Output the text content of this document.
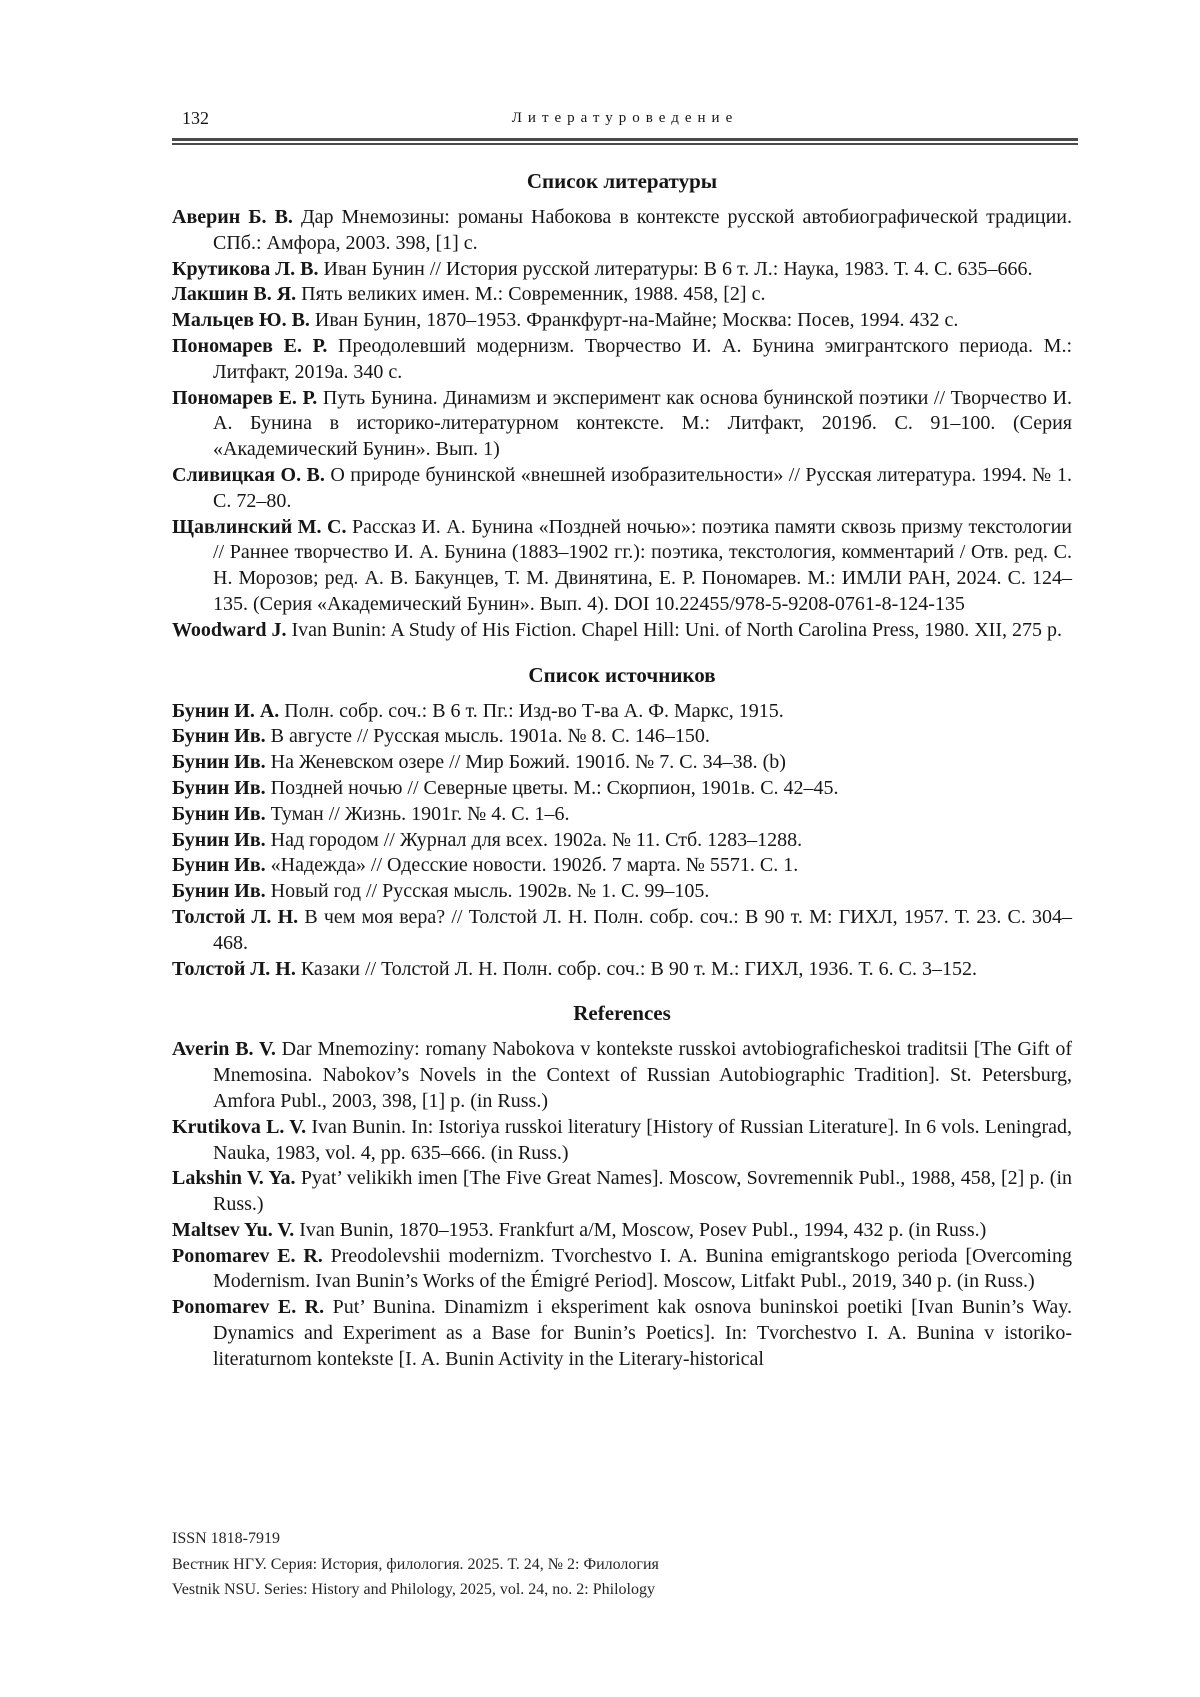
132	Литературоведение
Список литературы

Аверин Б. В. Дар Мнемозины: романы Набокова в контексте русской автобиографической традиции. СПб.: Амфора, 2003. 398, [1] с.

Крутикова Л. В. Иван Бунин // История русской литературы: В 6 т. Л.: Наука, 1983. Т. 4. С. 635–666.

Лакшин В. Я. Пять великих имен. М.: Современник, 1988. 458, [2] с.

Мальцев Ю. В. Иван Бунин, 1870–1953. Франкфурт-на-Майне; Москва: Посев, 1994. 432 с.

Пономарев Е. Р. Преодолевший модернизм. Творчество И. А. Бунина эмигрантского периода. М.: Литфакт, 2019а. 340 с.

Пономарев Е. Р. Путь Бунина. Динамизм и эксперимент как основа бунинской поэтики // Творчество И. А. Бунина в историко-литературном контексте. М.: Литфакт, 2019б. С. 91–100. (Серия «Академический Бунин». Вып. 1)

Сливицкая О. В. О природе бунинской «внешней изобразительности» // Русская литература. 1994. № 1. С. 72–80.

Щавлинский М. С. Рассказ И. А. Бунина «Поздней ночью»: поэтика памяти сквозь призму текстологии // Раннее творчество И. А. Бунина (1883–1902 гг.): поэтика, текстология, комментарий / Отв. ред. С. Н. Морозов; ред. А. В. Бакунцев, Т. М. Двинятина, Е. Р. Пономарев. М.: ИМЛИ РАН, 2024. С. 124–135. (Серия «Академический Бунин». Вып. 4). DOI 10.22455/978-5-9208-0761-8-124-135

Woodward J. Ivan Bunin: A Study of His Fiction. Chapel Hill: Uni. of North Carolina Press, 1980. XII, 275 p.

Список источников

Бунин И. А. Полн. собр. соч.: В 6 т. Пг.: Изд-во Т-ва А. Ф. Маркс, 1915.

Бунин Ив. В августе // Русская мысль. 1901а. № 8. С. 146–150.

Бунин Ив. На Женевском озере // Мир Божий. 1901б. № 7. С. 34–38. (b)

Бунин Ив. Поздней ночью // Северные цветы. М.: Скорпион, 1901в. С. 42–45.

Бунин Ив. Туман // Жизнь. 1901г. № 4. С. 1–6.

Бунин Ив. Над городом // Журнал для всех. 1902а. № 11. Стб. 1283–1288.

Бунин Ив. «Надежда» // Одесские новости. 1902б. 7 марта. № 5571. С. 1.

Бунин Ив. Новый год // Русская мысль. 1902в. № 1. С. 99–105.

Толстой Л. Н. В чем моя вера? // Толстой Л. Н. Полн. собр. соч.: В 90 т. М: ГИХЛ, 1957. Т. 23. С. 304–468.

Толстой Л. Н. Казаки // Толстой Л. Н. Полн. собр. соч.: В 90 т. М.: ГИХЛ, 1936. Т. 6. С. 3–152.

References

Averin B. V. Dar Mnemoziny: romany Nabokova v kontekste russkoi avtobiograficheskoi traditsii [The Gift of Mnemosina. Nabokov’s Novels in the Context of Russian Autobiographic Tradition]. St. Petersburg, Amfora Publ., 2003, 398, [1] p. (in Russ.)

Krutikova L. V. Ivan Bunin. In: Istoriya russkoi literatury [History of Russian Literature]. In 6 vols. Leningrad, Nauka, 1983, vol. 4, pp. 635–666. (in Russ.)

Lakshin V. Ya. Pyat’ velikikh imen [The Five Great Names]. Moscow, Sovremennik Publ., 1988, 458, [2] p. (in Russ.)

Maltsev Yu. V. Ivan Bunin, 1870–1953. Frankfurt a/M, Moscow, Posev Publ., 1994, 432 p. (in Russ.)

Ponomarev E. R. Preodolevshii modernizm. Tvorchestvo I. A. Bunina emigrantskogo perioda [Overcoming Modernism. Ivan Bunin’s Works of the Émigré Period]. Moscow, Litfakt Publ., 2019, 340 p. (in Russ.)

Ponomarev E. R. Put’ Bunina. Dinamizm i eksperiment kak osnova buninskoi poetiki [Ivan Bunin’s Way. Dynamics and Experiment as a Base for Bunin’s Poetics]. In: Tvorchestvo I. A. Bunina v istoriko-literaturnom kontekste [I. A. Bunin Activity in the Literary-historical

ISSN 1818-7919
Вестник НГУ. Серия: История, филология. 2025. Т. 24, № 2: Филология
Vestnik NSU. Series: History and Philology, 2025, vol. 24, no. 2: Philology
